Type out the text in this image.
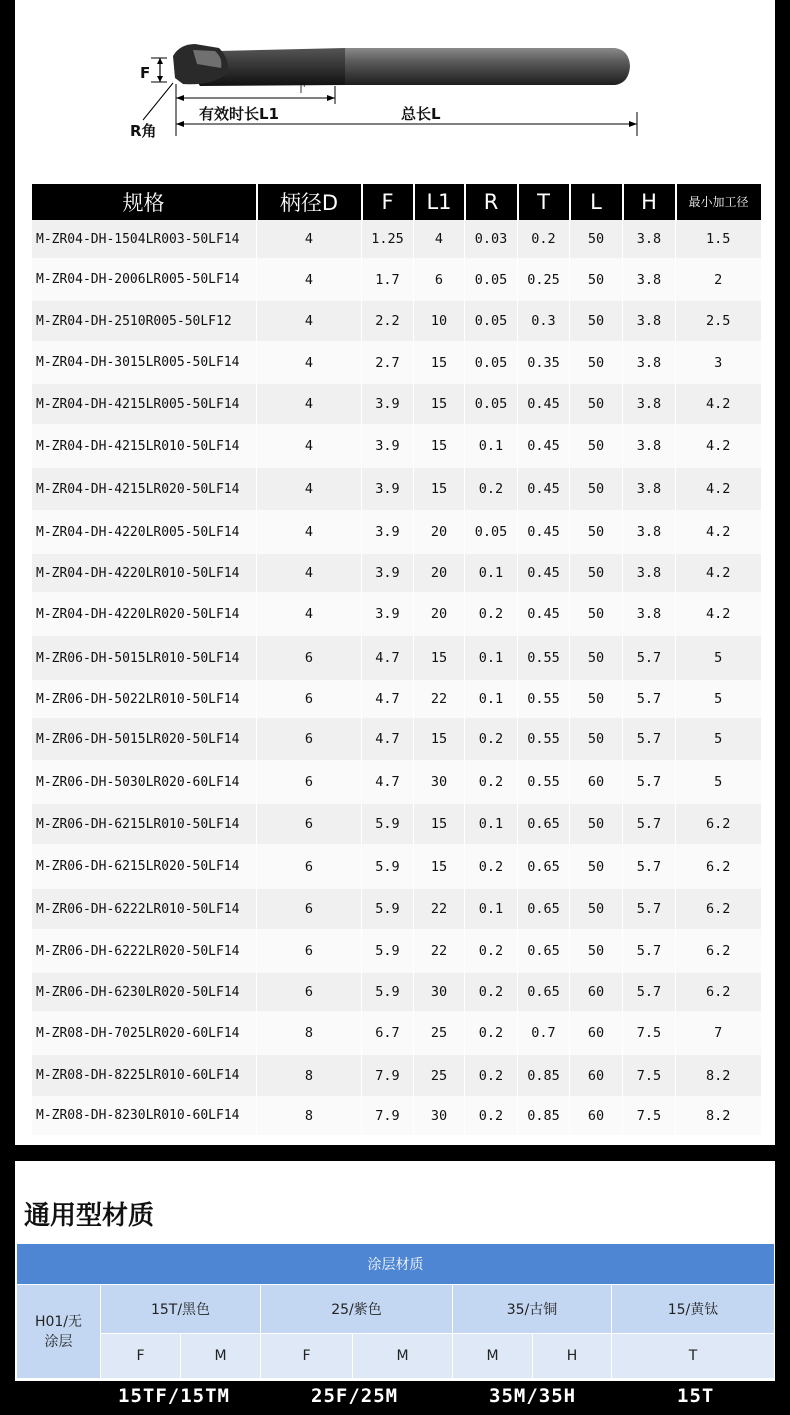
F
R角
有效时长L1	总长L
H
规格	柄径D	F	L1	R	T	L	H	最小加工径
M-ZR04-DH-1504LR003-50LF14	4	1.25	4	0.03	0.2	50	3.8	1.5
M-ZR04-DH-2006LR005-50LF14	4	1.7	6	0.05	0.25	50	3.8	2
M-ZR04-DH-2510R005-50LF12	4	2.2	10	0.05	0.3	50	3.8	2.5
M-ZR04-DH-3015LR005-50LF14	4	2.7	15	0.05	0.35	50	3.8	3
M-ZR04-DH-4215LR005-50LF14	4	3.9	15	0.05	0.45	50	3.8	4.2
M-ZR04-DH-4215LR010-50LF14	4	3.9	15	0.1	0.45	50	3.8	4.2
M-ZR04-DH-4215LR020-50LF14	4	3.9	15	0.2	0.45	50	3.8	4.2
M-ZR04-DH-4220LR005-50LF14	4	3.9	20	0.05	0.45	50	3.8	4.2
M-ZR04-DH-4220LR010-50LF14	4	3.9	20	0.1	0.45	50	3.8	4.2
M-ZR04-DH-4220LR020-50LF14	4	3.9	20	0.2	0.45	50	3.8	4.2
M-ZR06-DH-5015LR010-50LF14	6	4.7	15	0.1	0.55	50	5.7	5
M-ZR06-DH-5022LR010-50LF14	6	4.7	22	0.1	0.55	50	5.7	5
M-ZR06-DH-5015LR020-50LF14	6	4.7	15	0.2	0.55	50	5.7	5
M-ZR06-DH-5030LR020-60LF14	6	4.7	30	0.2	0.55	60	5.7	5
M-ZR06-DH-6215LR010-50LF14	6	5.9	15	0.1	0.65	50	5.7	6.2
M-ZR06-DH-6215LR020-50LF14	6	5.9	15	0.2	0.65	50	5.7	6.2
M-ZR06-DH-6222LR010-50LF14	6	5.9	22	0.1	0.65	50	5.7	6.2
M-ZR06-DH-6222LR020-50LF14	6	5.9	22	0.2	0.65	50	5.7	6.2
M-ZR06-DH-6230LR020-50LF14	6	5.9	30	0.2	0.65	60	5.7	6.2
M-ZR08-DH-7025LR020-60LF14	8	6.7	25	0.2	0.7	60	7.5	7
M-ZR08-DH-8225LR010-60LF14	8	7.9	25	0.2	0.85	60	7.5	8.2
M-ZR08-DH-8230LR010-60LF14	8	7.9	30	0.2	0.85	60	7.5	8.2
通用型材质
涂层材质							
H01/无
涂层	15T/黑色		25/紫色		35/古铜		15/黄钛
	F	M	F	M	M	H	T
15TF/15TM	25F/25M	35M/35H	15T
